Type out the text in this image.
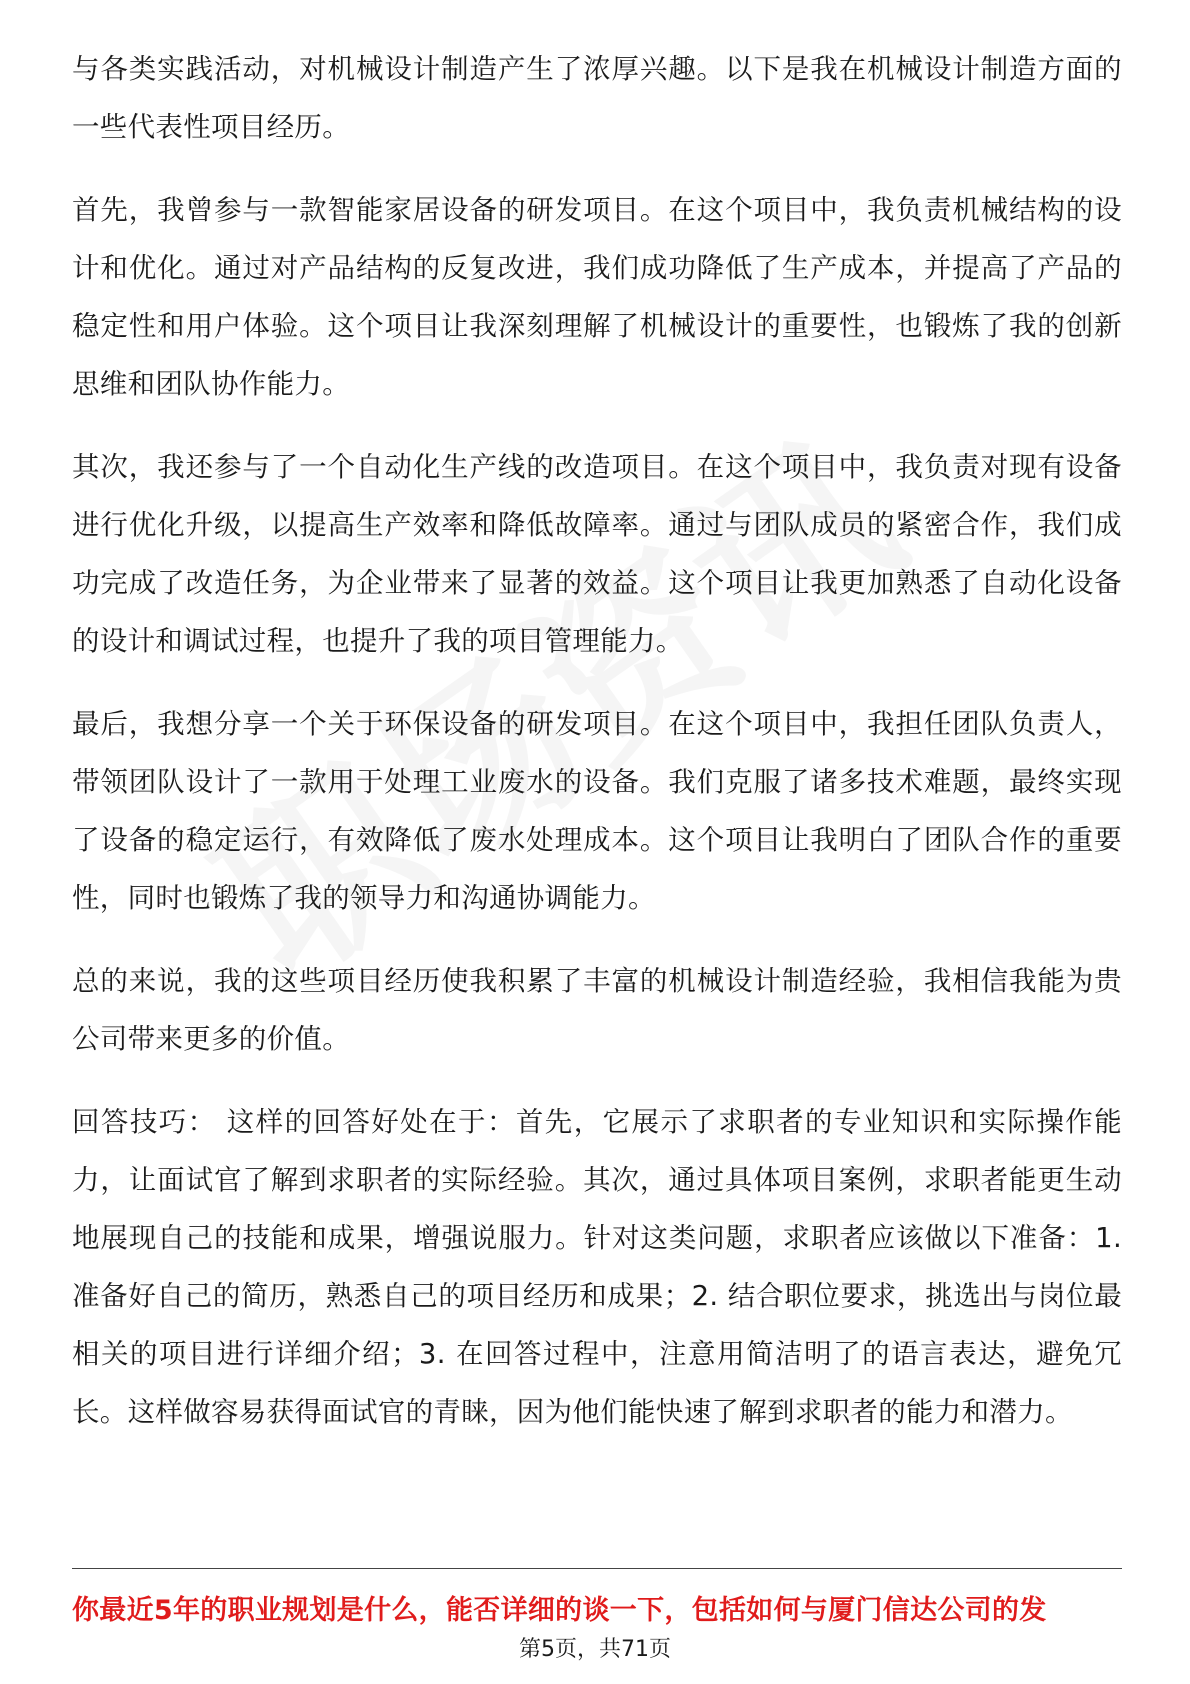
与各类实践活动，对机械设计制造产生了浓厚兴趣。以下是我在机械设计制造方面的一些代表性项目经历。

首先，我曾参与一款智能家居设备的研发项目。在这个项目中，我负责机械结构的设计和优化。通过对产品结构的反复改进，我们成功降低了生产成本，并提高了产品的稳定性和用户体验。这个项目让我深刻理解了机械设计的重要性，也锻炼了我的创新思维和团队协作能力。

其次，我还参与了一个自动化生产线的改造项目。在这个项目中，我负责对现有设备进行优化升级，以提高生产效率和降低故障率。通过与团队成员的紧密合作，我们成功完成了改造任务，为企业带来了显著的效益。这个项目让我更加熟悉了自动化设备的设计和调试过程，也提升了我的项目管理能力。

最后，我想分享一个关于环保设备的研发项目。在这个项目中，我担任团队负责人，带领团队设计了一款用于处理工业废水的设备。我们克服了诸多技术难题，最终实现了设备的稳定运行，有效降低了废水处理成本。这个项目让我明白了团队合作的重要性，同时也锻炼了我的领导力和沟通协调能力。

总的来说，我的这些项目经历使我积累了丰富的机械设计制造经验，我相信我能为贵公司带来更多的价值。

回答技巧： 这样的回答好处在于：首先，它展示了求职者的专业知识和实际操作能力，让面试官了解到求职者的实际经验。其次，通过具体项目案例，求职者能更生动地展现自己的技能和成果，增强说服力。针对这类问题，求职者应该做以下准备：1. 准备好自己的简历，熟悉自己的项目经历和成果；2. 结合职位要求，挑选出与岗位最相关的项目进行详细介绍；3. 在回答过程中，注意用简洁明了的语言表达，避免冗长。这样做容易获得面试官的青睐，因为他们能快速了解到求职者的能力和潜力。

你最近5年的职业规划是什么，能否详细的谈一下，包括如何与厦门信达公司的发
第5页，共71页
